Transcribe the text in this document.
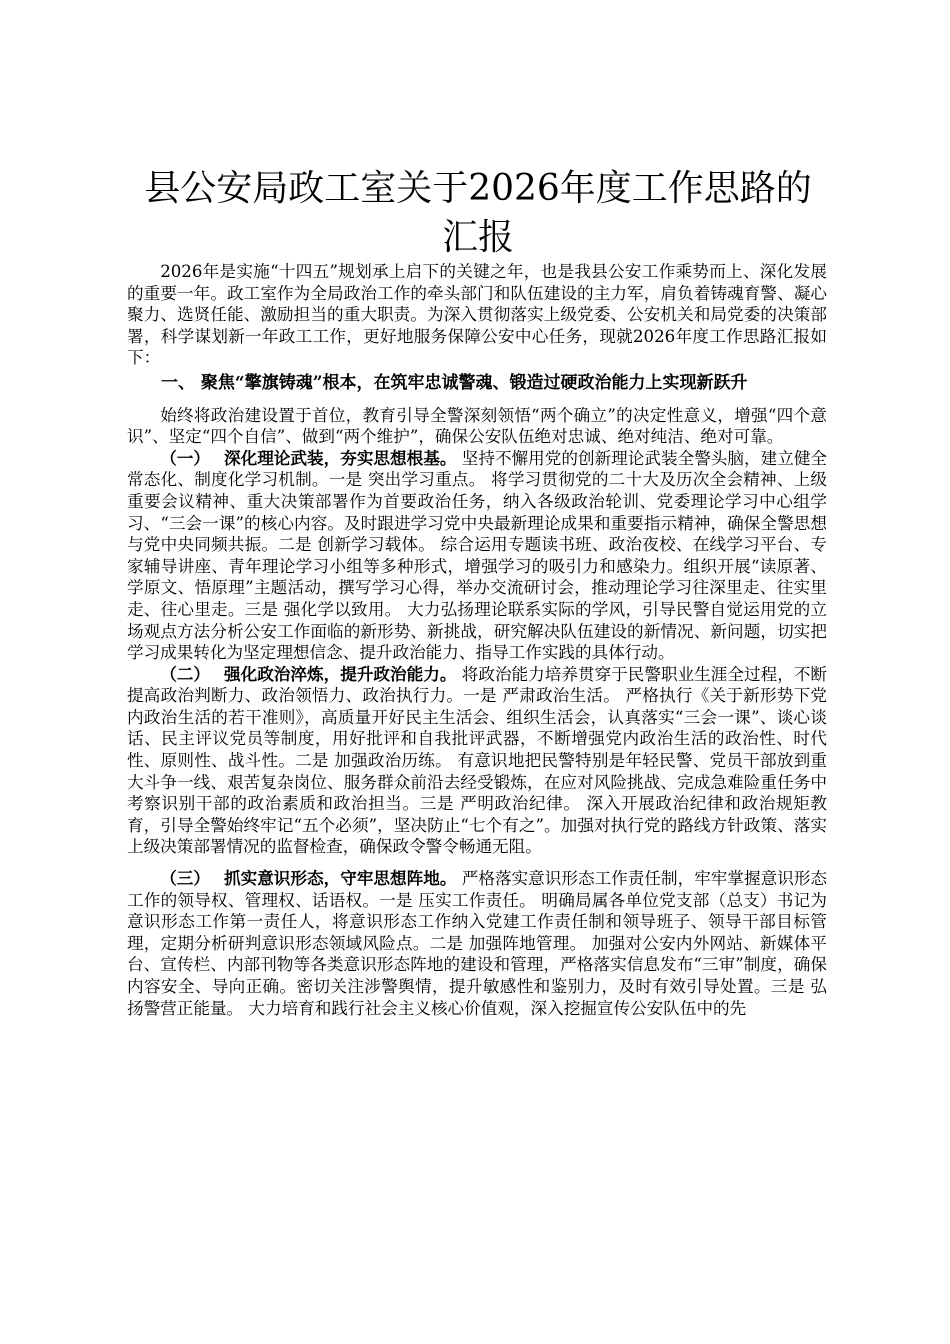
县公安局政工室关于2026年度工作思路的汇报

2026年是实施“十四五”规划承上启下的关键之年，也是我县公安工作乘势而上、深化发展的重要一年。政工室作为全局政治工作的牵头部门和队伍建设的主力军，肩负着铸魂育警、凝心聚力、选贤任能、激励担当的重大职责。为深入贯彻落实上级党委、公安机关和局党委的决策部署，科学谋划新一年政工工作，更好地服务保障公安中心任务，现就2026年度工作思路汇报如下：

一、 聚焦“擎旗铸魂”根本，在筑牢忠诚警魂、锻造过硬政治能力上实现新跃升

始终将政治建设置于首位，教育引导全警深刻领悟“两个确立”的决定性意义，增强“四个意识”、坚定“四个自信”、做到“两个维护”，确保公安队伍绝对忠诚、绝对纯洁、绝对可靠。

（一） 深化理论武装，夯实思想根基。 坚持不懈用党的创新理论武装全警头脑，建立健全常态化、制度化学习机制。一是 突出学习重点。 将学习贯彻党的二十大及历次全会精神、上级重要会议精神、重大决策部署作为首要政治任务，纳入各级政治轮训、党委理论学习中心组学习、“三会一课”的核心内容。及时跟进学习党中央最新理论成果和重要指示精神，确保全警思想与党中央同频共振。二是 创新学习载体。 综合运用专题读书班、政治夜校、在线学习平台、专家辅导讲座、青年理论学习小组等多种形式，增强学习的吸引力和感染力。组织开展“读原著、学原文、悟原理”主题活动，撰写学习心得，举办交流研讨会，推动理论学习往深里走、往实里走、往心里走。三是 强化学以致用。 大力弘扬理论联系实际的学风，引导民警自觉运用党的立场观点方法分析公安工作面临的新形势、新挑战，研究解决队伍建设的新情况、新问题，切实把学习成果转化为坚定理想信念、提升政治能力、指导工作实践的具体行动。

（二） 强化政治淬炼，提升政治能力。 将政治能力培养贯穿于民警职业生涯全过程，不断提高政治判断力、政治领悟力、政治执行力。一是 严肃政治生活。 严格执行《关于新形势下党内政治生活的若干准则》，高质量开好民主生活会、组织生活会，认真落实“三会一课”、谈心谈话、民主评议党员等制度，用好批评和自我批评武器，不断增强党内政治生活的政治性、时代性、原则性、战斗性。二是 加强政治历练。 有意识地把民警特别是年轻民警、党员干部放到重大斗争一线、艰苦复杂岗位、服务群众前沿去经受锻炼，在应对风险挑战、完成急难险重任务中考察识别干部的政治素质和政治担当。三是 严明政治纪律。 深入开展政治纪律和政治规矩教育，引导全警始终牢记“五个必须”，坚决防止“七个有之”。加强对执行党的路线方针政策、落实上级决策部署情况的监督检查，确保政令警令畅通无阻。

（三） 抓实意识形态，守牢思想阵地。 严格落实意识形态工作责任制，牢牢掌握意识形态工作的领导权、管理权、话语权。一是 压实工作责任。 明确局属各单位党支部（总支）书记为意识形态工作第一责任人，将意识形态工作纳入党建工作责任制和领导班子、领导干部目标管理，定期分析研判意识形态领域风险点。二是 加强阵地管理。 加强对公安内外网站、新媒体平台、宣传栏、内部刊物等各类意识形态阵地的建设和管理，严格落实信息发布“三审”制度，确保内容安全、导向正确。密切关注涉警舆情，提升敏感性和鉴别力，及时有效引导处置。三是 弘扬警营正能量。 大力培育和践行社会主义核心价值观，深入挖掘宣传公安队伍中的先
